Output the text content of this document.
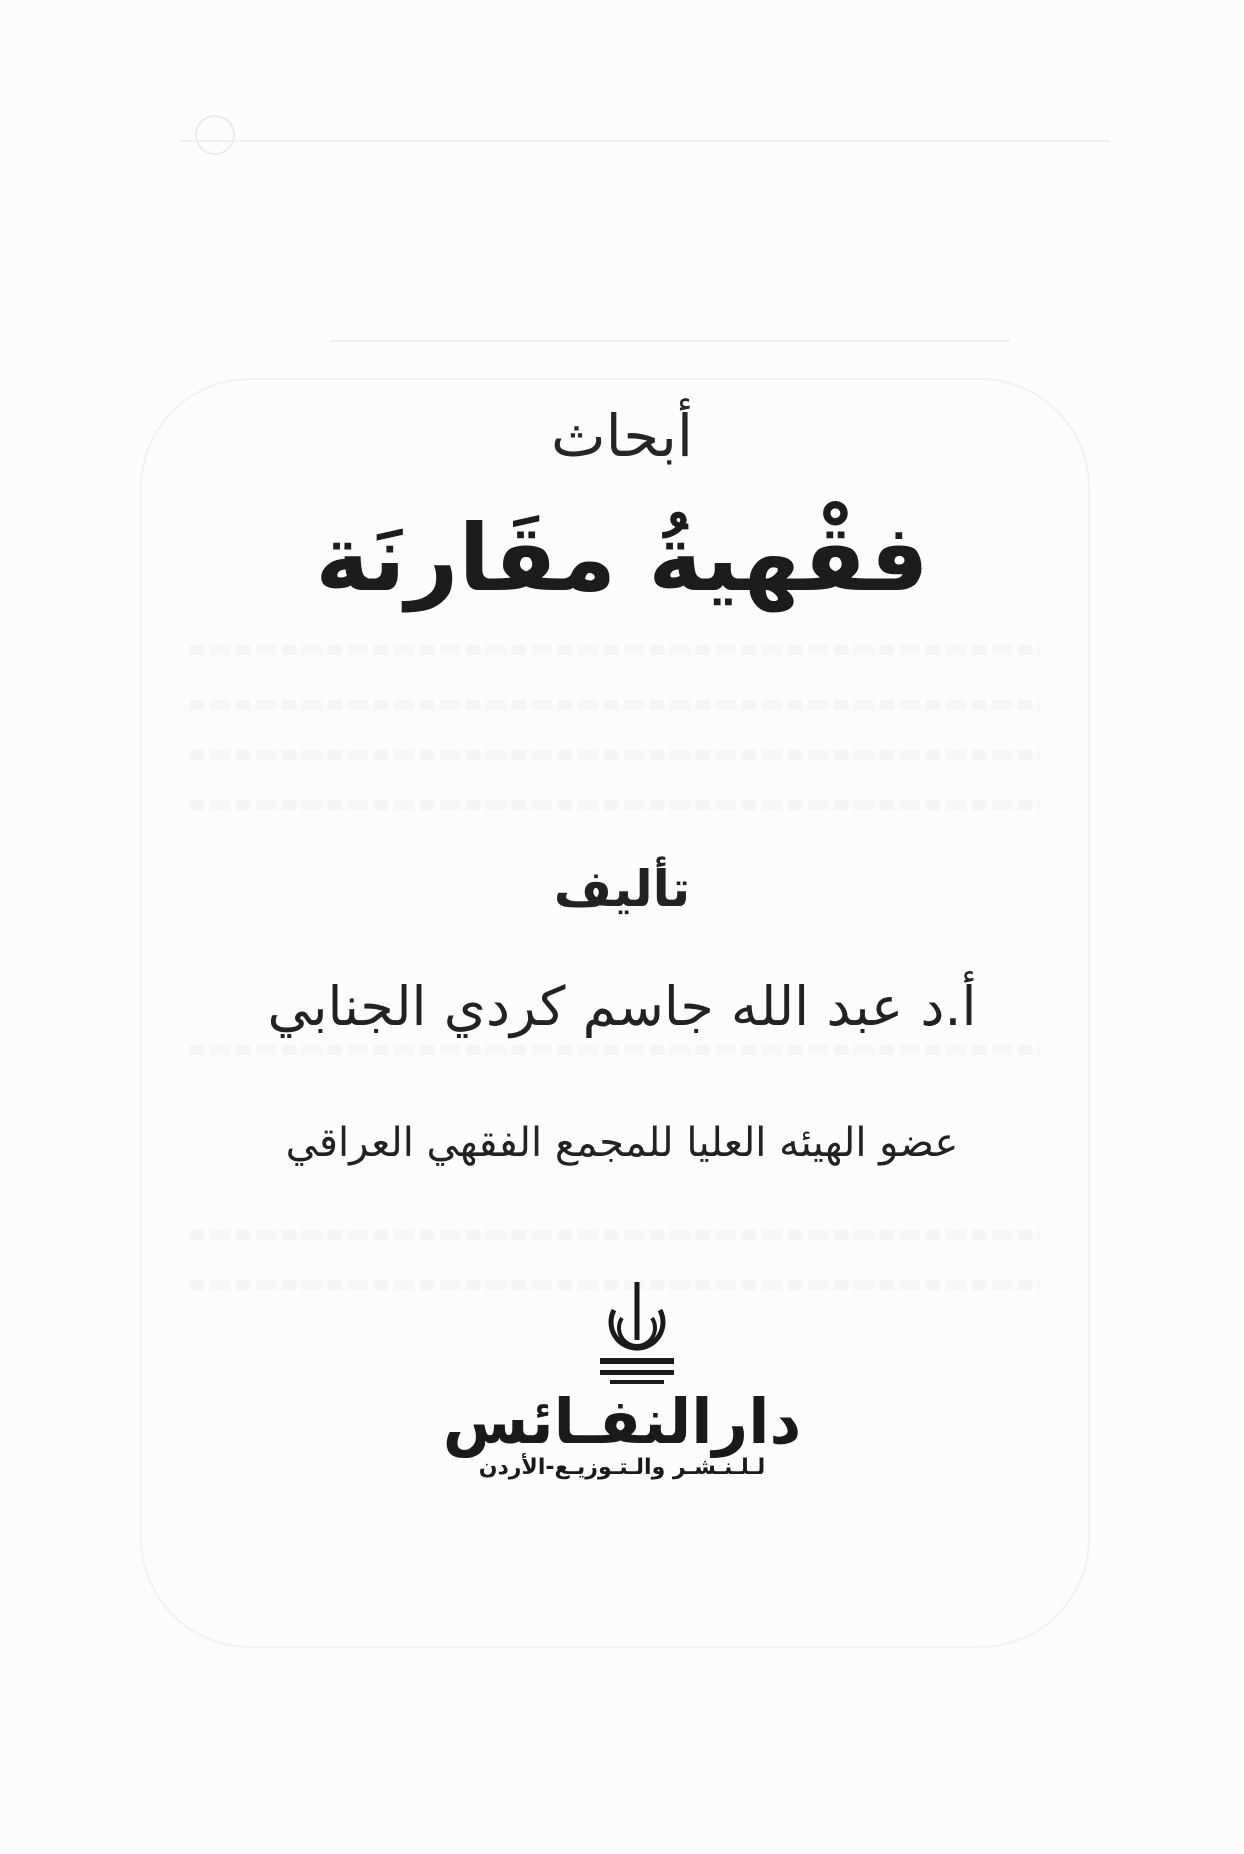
أبحاث
فقْهيةُ مقَارنَة
تأليف
أ.د عبد الله جاسم كردي الجنابي
عضو الهيئه العليا للمجمع الفقهي العراقي
دارالنفـائس
لـلـنـشـر والـتـوزيـع-الأردن
